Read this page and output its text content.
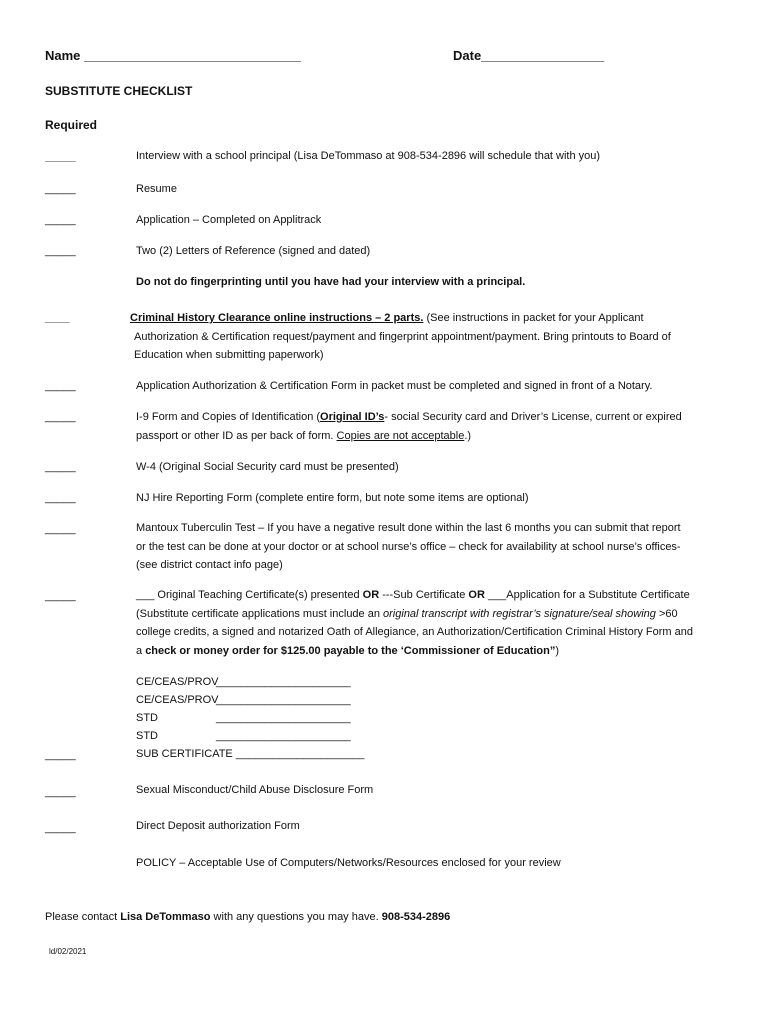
Name ______________________________	Date_________________
SUBSTITUTE CHECKLIST
Required
_____	Interview with a school principal (Lisa DeTommaso at 908-534-2896 will schedule that with you)
_____	Resume
_____	Application – Completed on Applitrack
_____	Two (2) Letters of Reference (signed and dated)
Do not do fingerprinting until you have had your interview with a principal.
____	Criminal History Clearance online instructions – 2 parts. (See instructions in packet for your Applicant
Authorization & Certification request/payment and fingerprint appointment/payment. Bring printouts to Board of
Education when submitting paperwork)
_____	Application Authorization & Certification Form in packet must be completed and signed in front of a Notary.
_____	I-9 Form and Copies of Identification (Original ID’s- social Security card and Driver’s License, current or expired
passport or other ID as per back of form. Copies are not acceptable.)
_____	W-4 (Original Social Security card must be presented)
_____	NJ Hire Reporting Form (complete entire form, but note some items are optional)
_____	Mantoux Tuberculin Test – If you have a negative result done within the last 6 months you can submit that report
or the test can be done at your doctor or at school nurse’s office – check for availability at school nurse’s offices-
(see district contact info page)
_____	___ Original Teaching Certificate(s) presented OR ---Sub Certificate OR ___Application for a Substitute Certificate
(Substitute certificate applications must include an original transcript with registrar’s signature/seal showing >60
college credits, a signed and notarized Oath of Allegiance, an Authorization/Certification Criminal History Form and
a check or money order for $125.00 payable to the ‘Commissioner of Education”)
CE/CEAS/PROV______________________
CE/CEAS/PROV______________________
STD	______________________
STD	______________________
_____	SUB CERTIFICATE _____________________
_____	Sexual Misconduct/Child Abuse Disclosure Form
_____	Direct Deposit authorization Form
POLICY – Acceptable Use of Computers/Networks/Resources enclosed for your review
Please contact Lisa DeTommaso with any questions you may have. 908-534-2896
ld/02/2021
